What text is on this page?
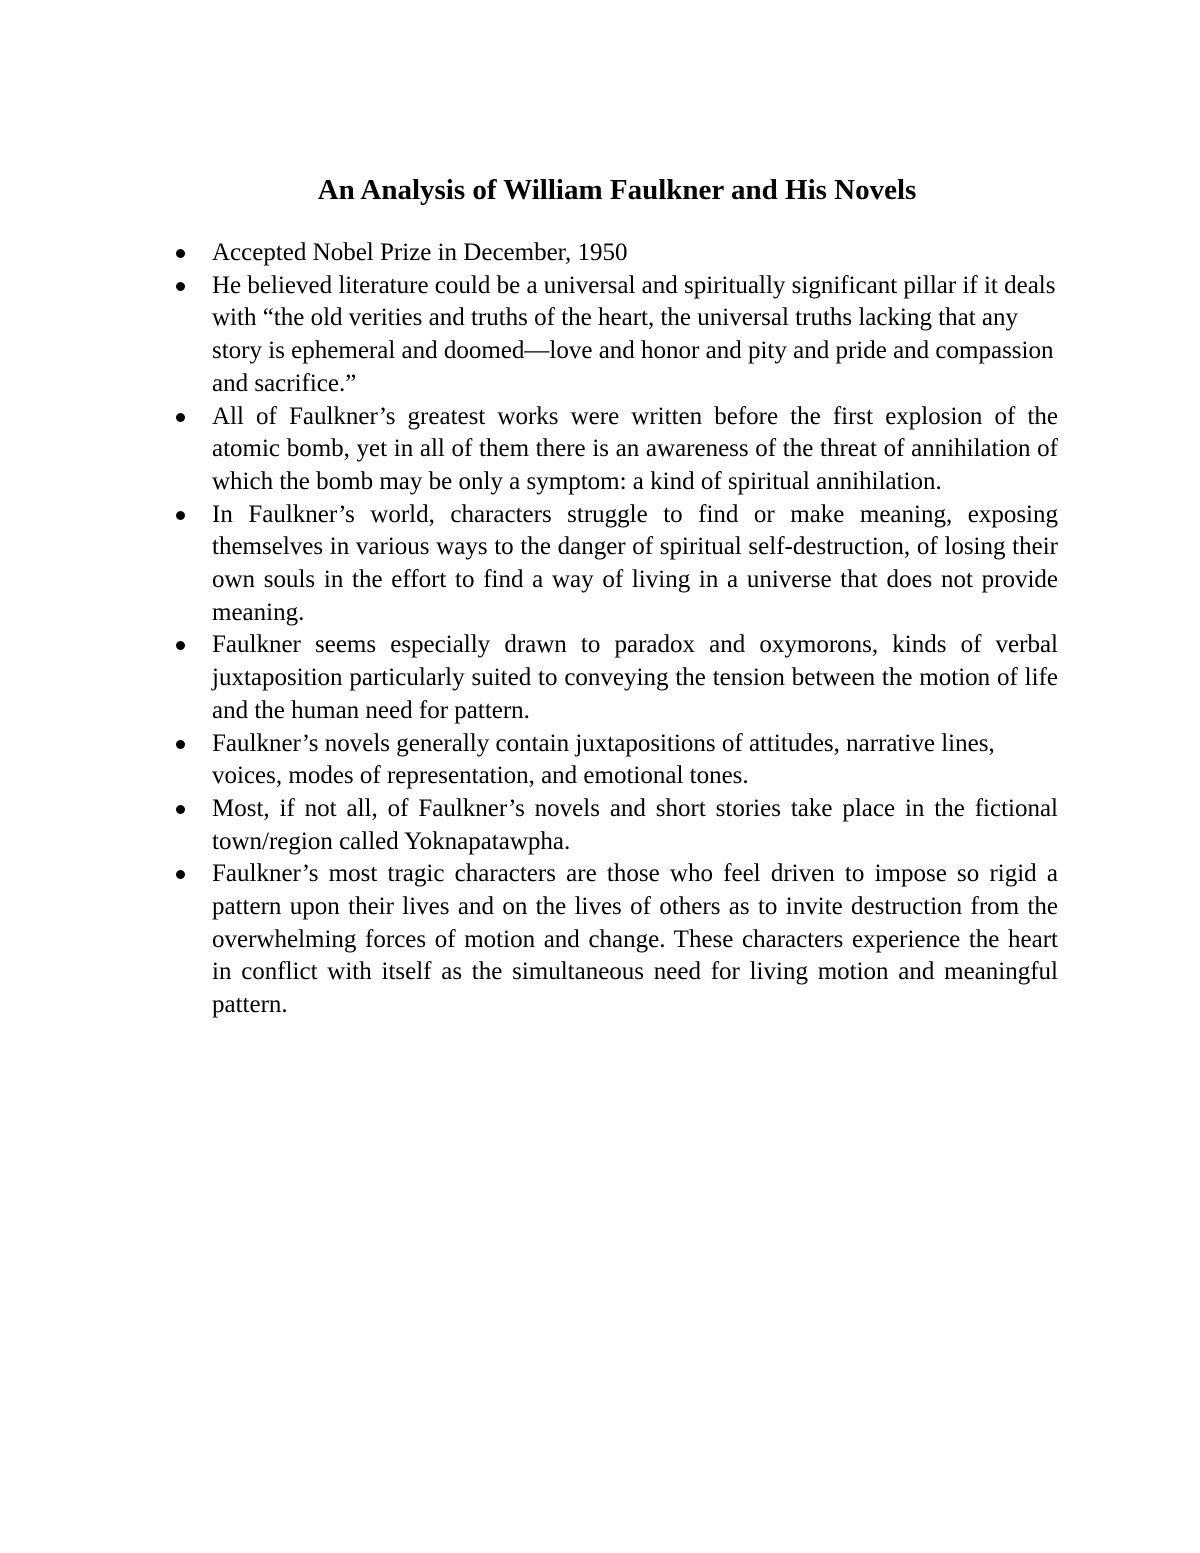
An Analysis of William Faulkner and His Novels
Accepted Nobel Prize in December, 1950
He believed literature could be a universal and spiritually significant pillar if it deals with “the old verities and truths of the heart, the universal truths lacking that any story is ephemeral and doomed—love and honor and pity and pride and compassion and sacrifice.”
All of Faulkner’s greatest works were written before the first explosion of the atomic bomb, yet in all of them there is an awareness of the threat of annihilation of which the bomb may be only a symptom: a kind of spiritual annihilation.
In Faulkner’s world, characters struggle to find or make meaning, exposing themselves in various ways to the danger of spiritual self-destruction, of losing their own souls in the effort to find a way of living in a universe that does not provide meaning.
Faulkner seems especially drawn to paradox and oxymorons, kinds of verbal juxtaposition particularly suited to conveying the tension between the motion of life and the human need for pattern.
Faulkner’s novels generally contain juxtapositions of attitudes, narrative lines, voices, modes of representation, and emotional tones.
Most, if not all, of Faulkner’s novels and short stories take place in the fictional town/region called Yoknapatawpha.
Faulkner’s most tragic characters are those who feel driven to impose so rigid a pattern upon their lives and on the lives of others as to invite destruction from the overwhelming forces of motion and change. These characters experience the heart in conflict with itself as the simultaneous need for living motion and meaningful pattern.
